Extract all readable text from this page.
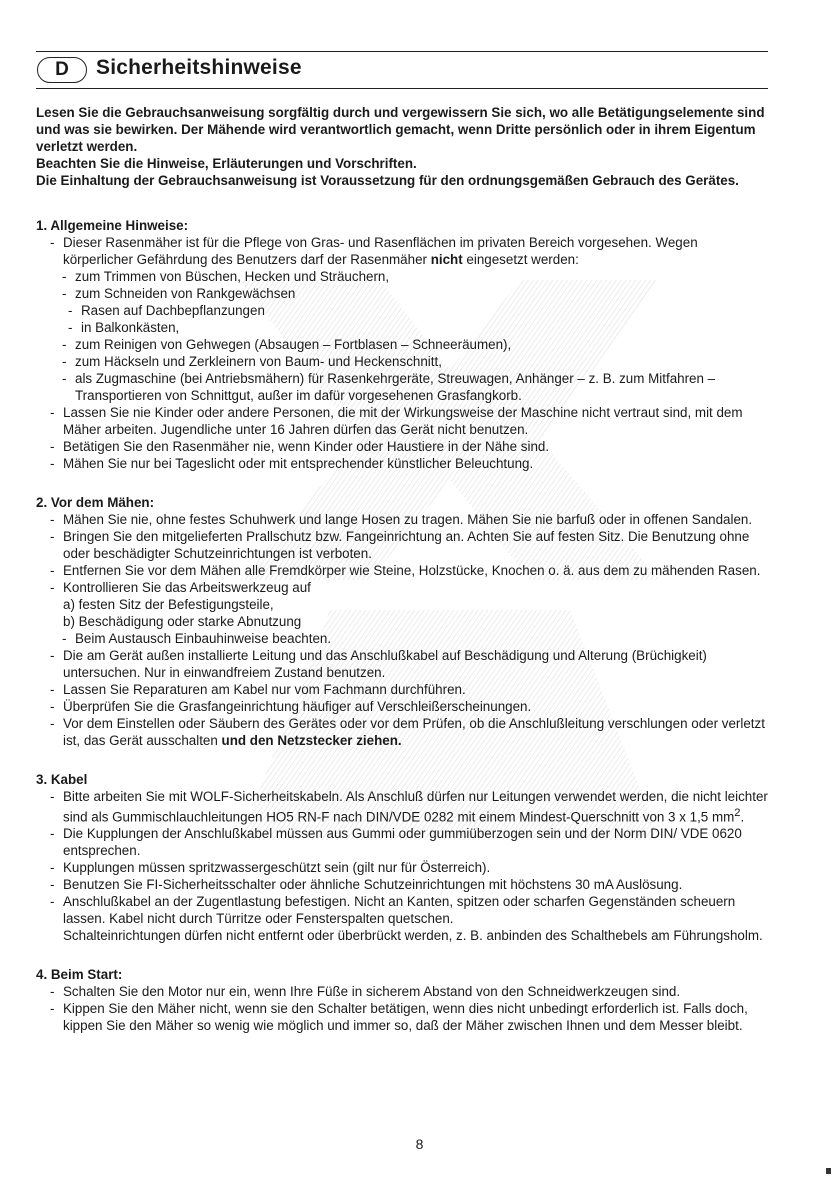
D Sicherheitshinweise

Lesen Sie die Gebrauchsanweisung sorgfältig durch und vergewissern Sie sich, wo alle Betätigungselemente sind und was sie bewirken. Der Mähende wird verantwortlich gemacht, wenn Dritte persönlich oder in ihrem Eigentum verletzt werden.

Beachten Sie die Hinweise, Erläuterungen und Vorschriften.

Die Einhaltung der Gebrauchsanweisung ist Voraussetzung für den ordnungsgemäßen Gebrauch des Gerätes.

1. Allgemeine Hinweise:

- Dieser Rasenmäher ist für die Pflege von Gras- und Rasenflächen im privaten Bereich vorgesehen. Wegen körperlicher Gefährdung des Benutzers darf der Rasenmäher nicht eingesetzt werden:

- zum Trimmen von Büschen, Hecken und Sträuchern,

- zum Schneiden von Rankgewächsen

- Rasen auf Dachbepflanzungen

- in Balkonkästen,

- zum Reinigen von Gehwegen (Absaugen – Fortblasen – Schneeräumen),

- zum Häckseln und Zerkleinern von Baum- und Heckenschnitt,

- als Zugmaschine (bei Antriebsmähern) für Rasenkehrgeräte, Streuwagen, Anhänger – z. B. zum Mitfahren – Transportieren von Schnittgut, außer im dafür vorgesehenen Grasfangkorb.

- Lassen Sie nie Kinder oder andere Personen, die mit der Wirkungsweise der Maschine nicht vertraut sind, mit dem Mäher arbeiten. Jugendliche unter 16 Jahren dürfen das Gerät nicht benutzen.

- Betätigen Sie den Rasenmäher nie, wenn Kinder oder Haustiere in der Nähe sind.

- Mähen Sie nur bei Tageslicht oder mit entsprechender künstlicher Beleuchtung.

2. Vor dem Mähen:

- Mähen Sie nie, ohne festes Schuhwerk und lange Hosen zu tragen. Mähen Sie nie barfuß oder in offenen Sandalen.

- Bringen Sie den mitgelieferten Prallschutz bzw. Fangeinrichtung an. Achten Sie auf festen Sitz. Die Benutzung ohne oder beschädigter Schutzeinrichtungen ist verboten.

- Entfernen Sie vor dem Mähen alle Fremdkörper wie Steine, Holzstücke, Knochen o. ä. aus dem zu mähenden Rasen.

- Kontrollieren Sie das Arbeitswerkzeug auf

a) festen Sitz der Befestigungsteile,

b) Beschädigung oder starke Abnutzung

- Beim Austausch Einbauhinweise beachten.

- Die am Gerät außen installierte Leitung und das Anschlußkabel auf Beschädigung und Alterung (Brüchigkeit) untersuchen. Nur in einwandfreiem Zustand benutzen.

- Lassen Sie Reparaturen am Kabel nur vom Fachmann durchführen.

- Überprüfen Sie die Grasfangeinrichtung häufiger auf Verschleißerscheinungen.

- Vor dem Einstellen oder Säubern des Gerätes oder vor dem Prüfen, ob die Anschlußleitung verschlungen oder verletzt ist, das Gerät ausschalten und den Netzstecker ziehen.

3. Kabel

- Bitte arbeiten Sie mit WOLF-Sicherheitskabeln. Als Anschluß dürfen nur Leitungen verwendet werden, die nicht leichter sind als Gummischlauchleitungen HO5 RN-F nach DIN/VDE 0282 mit einem Mindest-Querschnitt von 3 x 1,5 $mm^2$.

- Die Kupplungen der Anschlußkabel müssen aus Gummi oder gummiüberzogen sein und der Norm DIN/ VDE 0620 entsprechen.

- Kupplungen müssen spritzwassergeschützt sein (gilt nur für Österreich).

- Benutzen Sie FI-Sicherheitsschalter oder ähnliche Schutzeinrichtungen mit höchstens 30 mA Auslösung.

- Anschlußkabel an der Zugentlastung befestigen. Nicht an Kanten, spitzen oder scharfen Gegenständen scheuern lassen. Kabel nicht durch Türritze oder Fensterspalten quetschen.

Schalteinrichtungen dürfen nicht entfernt oder überbrückt werden, z. B. anbinden des Schalthebels am Führungsholm.

4. Beim Start:

- Schalten Sie den Motor nur ein, wenn Ihre Füße in sicherem Abstand von den Schneidwerkzeugen sind.

- Kippen Sie den Mäher nicht, wenn sie den Schalter betätigen, wenn dies nicht unbedingt erforderlich ist. Falls doch, kippen Sie den Mäher so wenig wie möglich und immer so, daß der Mäher zwischen Ihnen und dem Messer bleibt.

8
